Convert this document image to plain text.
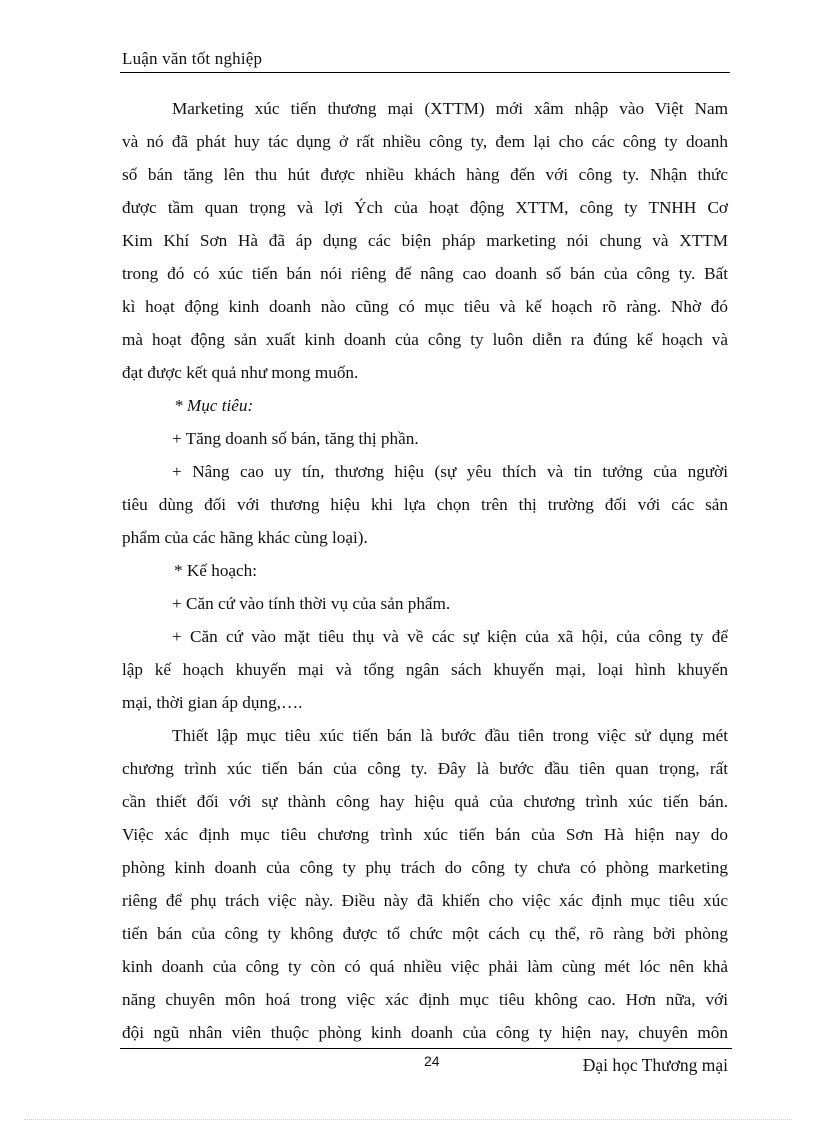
Luận văn tốt nghiệp
Marketing xúc tiến thương mại (XTTM) mới xâm nhập vào Việt Nam
và nó đã phát huy tác dụng ở rất nhiều công ty, đem lại cho các công ty doanh
số bán tăng lên thu hút được nhiều khách hàng đến với công ty. Nhận thức
được tầm quan trọng và lợi Ých của hoạt động XTTM, công ty TNHH Cơ
Kim Khí Sơn Hà đã áp dụng các biện pháp marketing nói chung và XTTM
trong đó có xúc tiến bán nói riêng để nâng cao doanh số bán của công ty. Bất
kì hoạt động kinh doanh nào cũng có mục tiêu và kế hoạch rõ ràng. Nhờ đó
mà hoạt động sản xuất kinh doanh của công ty luôn diễn ra đúng kế hoạch và
đạt được kết quả như mong muốn.
* Mục tiêu:
+ Tăng doanh số bán, tăng thị phần.
+ Nâng cao uy tín, thương hiệu (sự yêu thích và tin tưởng của người
tiêu dùng đối với thương hiệu khi lựa chọn trên thị trường đối với các sản
phẩm của các hãng khác cùng loại).
* Kế hoạch:
+ Căn cứ vào tính thời vụ của sản phẩm.
+ Căn cứ vào mặt tiêu thụ và về các sự kiện của xã hội, của công ty để
lập kế hoạch khuyến mại và tổng ngân sách khuyến mại, loại hình khuyến
mại, thời gian áp dụng,….
Thiết lập mục tiêu xúc tiến bán là bước đầu tiên trong việc sử dụng mét
chương trình xúc tiến bán của công ty. Đây là bước đầu tiên quan trọng, rất
cần thiết đối với sự thành công hay hiệu quả của chương trình xúc tiến bán.
Việc xác định mục tiêu chương trình xúc tiến bán của Sơn Hà hiện nay do
phòng kinh doanh của công ty phụ trách do công ty chưa có phòng marketing
riêng để phụ trách việc này. Điều này đã khiến cho việc xác định mục tiêu xúc
tiến bán của công ty không được tổ chức một cách cụ thể, rõ ràng bởi phòng
kinh doanh của công ty còn có quá nhiều việc phải làm cùng mét lóc nên khả
năng chuyên môn hoá trong việc xác định mục tiêu không cao. Hơn nữa, với
đội ngũ nhân viên thuộc phòng kinh doanh của công ty hiện nay, chuyên môn
24	Đại học Thương mại
